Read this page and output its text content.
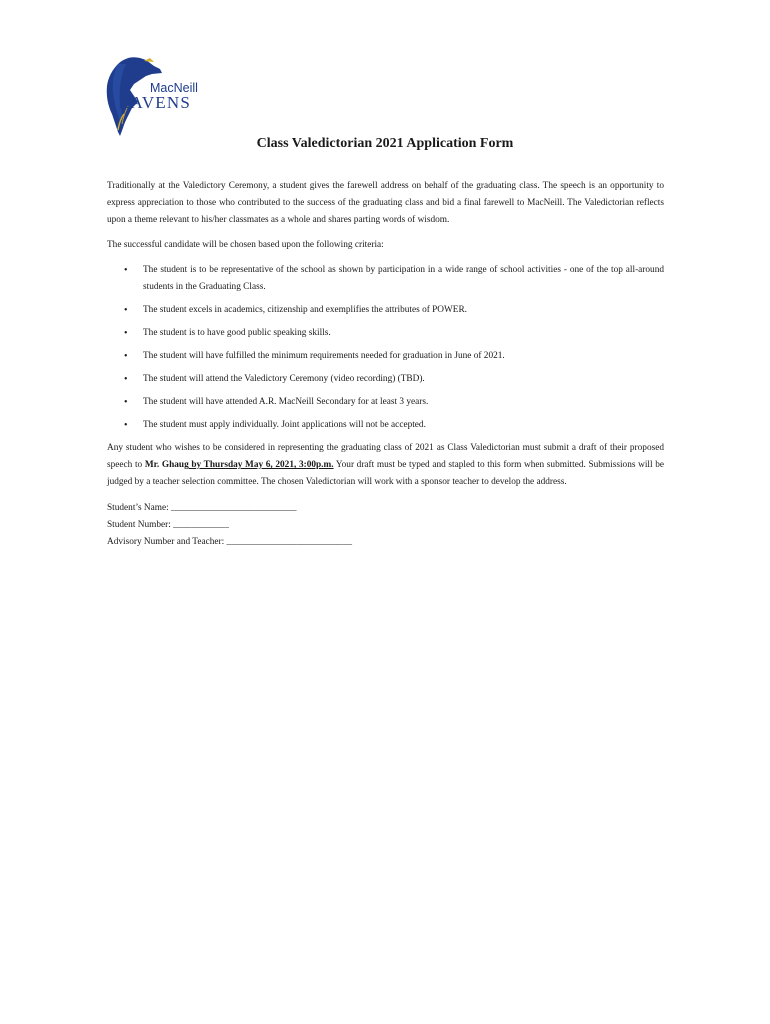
MacNeill
RAVENS
Class Valedictorian 2021 Application Form

Traditionally at the Valedictory Ceremony, a student gives the farewell address on behalf of the graduating class. The speech is an opportunity to express appreciation to those who contributed to the success of the graduating class and bid a final farewell to MacNeill. The Valedictorian reflects upon a theme relevant to his/her classmates as a whole and shares parting words of wisdom.

The successful candidate will be chosen based upon the following criteria:

• The student is to be representative of the school as shown by participation in a wide range of school activities - one of the top all-around students in the Graduating Class.
• The student excels in academics, citizenship and exemplifies the attributes of POWER.
• The student is to have good public speaking skills.
• The student will have fulfilled the minimum requirements needed for graduation in June of 2021.
• The student will attend the Valedictory Ceremony (video recording) (TBD).
• The student will have attended A.R. MacNeill Secondary for at least 3 years.
• The student must apply individually. Joint applications will not be accepted.

Any student who wishes to be considered in representing the graduating class of 2021 as Class Valedictorian must submit a draft of their proposed speech to Mr. Ghaug by Thursday May 6, 2021, 3:00p.m. Your draft must be typed and stapled to this form when submitted. Submissions will be judged by a teacher selection committee. The chosen Valedictorian will work with a sponsor teacher to develop the address.

Student’s Name: ___________________________
Student Number: ____________
Advisory Number and Teacher: ___________________________
